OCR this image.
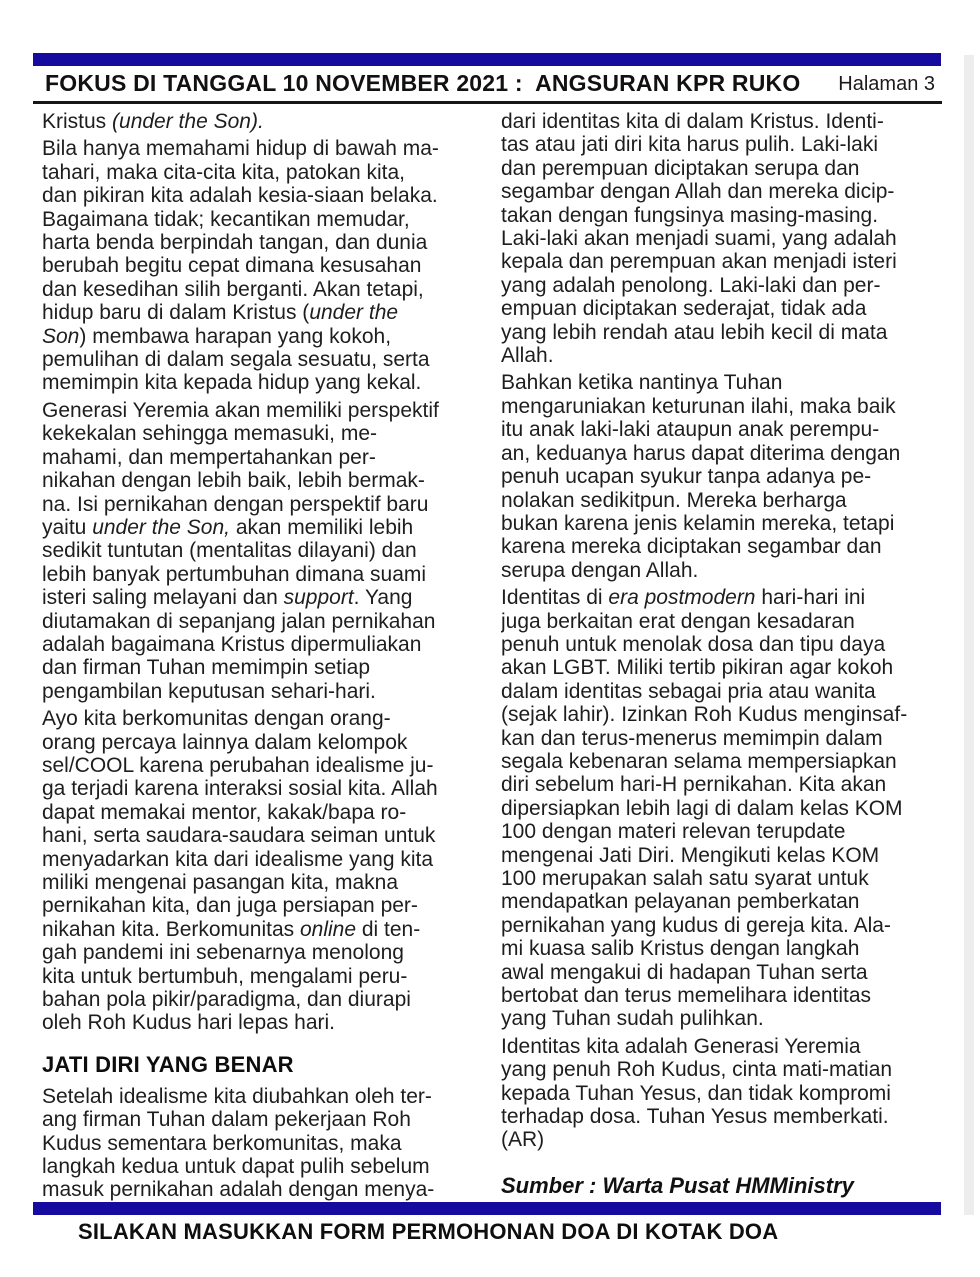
FOKUS DI TANGGAL 10 NOVEMBER 2021 :  ANGSURAN KPR RUKO Halaman 3

Kristus (under the Son).

Bila hanya memahami hidup di bawah ma-
tahari, maka cita-cita kita, patokan kita,
dan pikiran kita adalah kesia-siaan belaka.
Bagaimana tidak; kecantikan memudar,
harta benda berpindah tangan, dan dunia
berubah begitu cepat dimana kesusahan
dan kesedihan silih berganti. Akan tetapi,
hidup baru di dalam Kristus (under the
Son) membawa harapan yang kokoh,
pemulihan di dalam segala sesuatu, serta
memimpin kita kepada hidup yang kekal.

Generasi Yeremia akan memiliki perspektif
kekekalan sehingga memasuki, me-
mahami, dan mempertahankan per-
nikahan dengan lebih baik, lebih bermak-
na. Isi pernikahan dengan perspektif baru
yaitu under the Son, akan memiliki lebih
sedikit tuntutan (mentalitas dilayani) dan
lebih banyak pertumbuhan dimana suami
isteri saling melayani dan support. Yang
diutamakan di sepanjang jalan pernikahan
adalah bagaimana Kristus dipermuliakan
dan firman Tuhan memimpin setiap
pengambilan keputusan sehari-hari.

Ayo kita berkomunitas dengan orang-
orang percaya lainnya dalam kelompok
sel/COOL karena perubahan idealisme ju-
ga terjadi karena interaksi sosial kita. Allah
dapat memakai mentor, kakak/bapa ro-
hani, serta saudara-saudara seiman untuk
menyadarkan kita dari idealisme yang kita
miliki mengenai pasangan kita, makna
pernikahan kita, dan juga persiapan per-
nikahan kita. Berkomunitas online di ten-
gah pandemi ini sebenarnya menolong
kita untuk bertumbuh, mengalami peru-
bahan pola pikir/paradigma, dan diurapi
oleh Roh Kudus hari lepas hari.

JATI DIRI YANG BENAR

Setelah idealisme kita diubahkan oleh ter-
ang firman Tuhan dalam pekerjaan Roh
Kudus sementara berkomunitas, maka
langkah kedua untuk dapat pulih sebelum
masuk pernikahan adalah dengan menya-

dari identitas kita di dalam Kristus. Identi-
tas atau jati diri kita harus pulih. Laki-laki
dan perempuan diciptakan serupa dan
segambar dengan Allah dan mereka dicip-
takan dengan fungsinya masing-masing.
Laki-laki akan menjadi suami, yang adalah
kepala dan perempuan akan menjadi isteri
yang adalah penolong. Laki-laki dan per-
empuan diciptakan sederajat, tidak ada
yang lebih rendah atau lebih kecil di mata
Allah.

Bahkan ketika nantinya Tuhan
mengaruniakan keturunan ilahi, maka baik
itu anak laki-laki ataupun anak perempu-
an, keduanya harus dapat diterima dengan
penuh ucapan syukur tanpa adanya pe-
nolakan sedikitpun. Mereka berharga
bukan karena jenis kelamin mereka, tetapi
karena mereka diciptakan segambar dan
serupa dengan Allah.

Identitas di era postmodern hari-hari ini
juga berkaitan erat dengan kesadaran
penuh untuk menolak dosa dan tipu daya
akan LGBT. Miliki tertib pikiran agar kokoh
dalam identitas sebagai pria atau wanita
(sejak lahir). Izinkan Roh Kudus menginsaf-
kan dan terus-menerus memimpin dalam
segala kebenaran selama mempersiapkan
diri sebelum hari-H pernikahan. Kita akan
dipersiapkan lebih lagi di dalam kelas KOM
100 dengan materi relevan terupdate
mengenai Jati Diri. Mengikuti kelas KOM
100 merupakan salah satu syarat untuk
mendapatkan pelayanan pemberkatan
pernikahan yang kudus di gereja kita. Ala-
mi kuasa salib Kristus dengan langkah
awal mengakui di hadapan Tuhan serta
bertobat dan terus memelihara identitas
yang Tuhan sudah pulihkan.

Identitas kita adalah Generasi Yeremia
yang penuh Roh Kudus, cinta mati-matian
kepada Tuhan Yesus, dan tidak kompromi
terhadap dosa. Tuhan Yesus memberkati.
(AR)

Sumber : Warta Pusat HMMinistry
SILAKAN MASUKKAN FORM PERMOHONAN DOA DI KOTAK DOA
